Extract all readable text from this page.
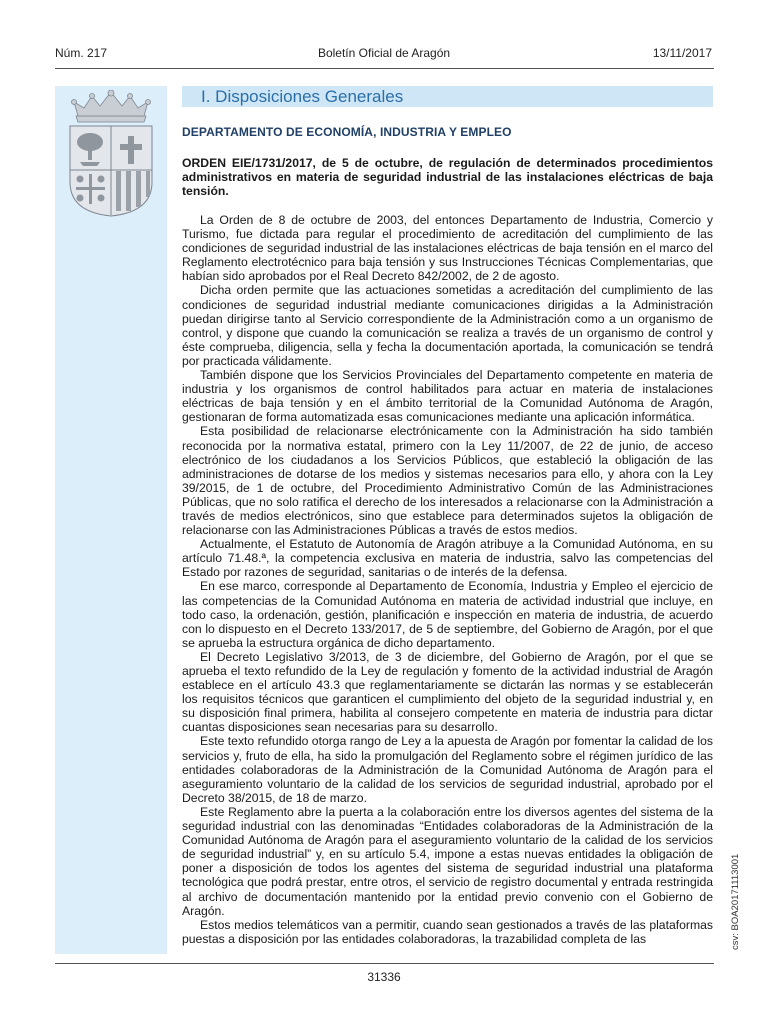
Núm. 217	Boletín Oficial de Aragón	13/11/2017
I. Disposiciones Generales
DEPARTAMENTO DE ECONOMÍA, INDUSTRIA Y EMPLEO
ORDEN EIE/1731/2017, de 5 de octubre, de regulación de determinados procedimientos administrativos en materia de seguridad industrial de las instalaciones eléctricas de baja tensión.

La Orden de 8 de octubre de 2003, del entonces Departamento de Industria, Comercio y Turismo, fue dictada para regular el procedimiento de acreditación del cumplimiento de las condiciones de seguridad industrial de las instalaciones eléctricas de baja tensión en el marco del Reglamento electrotécnico para baja tensión y sus Instrucciones Técnicas Complementarias, que habían sido aprobados por el Real Decreto 842/2002, de 2 de agosto.

Dicha orden permite que las actuaciones sometidas a acreditación del cumplimiento de las condiciones de seguridad industrial mediante comunicaciones dirigidas a la Administración puedan dirigirse tanto al Servicio correspondiente de la Administración como a un organismo de control, y dispone que cuando la comunicación se realiza a través de un organismo de control y éste comprueba, diligencia, sella y fecha la documentación aportada, la comunicación se tendrá por practicada válidamente.

También dispone que los Servicios Provinciales del Departamento competente en materia de industria y los organismos de control habilitados para actuar en materia de instalaciones eléctricas de baja tensión y en el ámbito territorial de la Comunidad Autónoma de Aragón, gestionaran de forma automatizada esas comunicaciones mediante una aplicación informática.

Esta posibilidad de relacionarse electrónicamente con la Administración ha sido también reconocida por la normativa estatal, primero con la Ley 11/2007, de 22 de junio, de acceso electrónico de los ciudadanos a los Servicios Públicos, que estableció la obligación de las administraciones de dotarse de los medios y sistemas necesarios para ello, y ahora con la Ley 39/2015, de 1 de octubre, del Procedimiento Administrativo Común de las Administraciones Públicas, que no solo ratifica el derecho de los interesados a relacionarse con la Administración a través de medios electrónicos, sino que establece para determinados sujetos la obligación de relacionarse con las Administraciones Públicas a través de estos medios.

Actualmente, el Estatuto de Autonomía de Aragón atribuye a la Comunidad Autónoma, en su artículo 71.48.ª, la competencia exclusiva en materia de industria, salvo las competencias del Estado por razones de seguridad, sanitarias o de interés de la defensa.

En ese marco, corresponde al Departamento de Economía, Industria y Empleo el ejercicio de las competencias de la Comunidad Autónoma en materia de actividad industrial que incluye, en todo caso, la ordenación, gestión, planificación e inspección en materia de industria, de acuerdo con lo dispuesto en el Decreto 133/2017, de 5 de septiembre, del Gobierno de Aragón, por el que se aprueba la estructura orgánica de dicho departamento.

El Decreto Legislativo 3/2013, de 3 de diciembre, del Gobierno de Aragón, por el que se aprueba el texto refundido de la Ley de regulación y fomento de la actividad industrial de Aragón establece en el artículo 43.3 que reglamentariamente se dictarán las normas y se establecerán los requisitos técnicos que garanticen el cumplimiento del objeto de la seguridad industrial y, en su disposición final primera, habilita al consejero competente en materia de industria para dictar cuantas disposiciones sean necesarias para su desarrollo.

Este texto refundido otorga rango de Ley a la apuesta de Aragón por fomentar la calidad de los servicios y, fruto de ella, ha sido la promulgación del Reglamento sobre el régimen jurídico de las entidades colaboradoras de la Administración de la Comunidad Autónoma de Aragón para el aseguramiento voluntario de la calidad de los servicios de seguridad industrial, aprobado por el Decreto 38/2015, de 18 de marzo.

Este Reglamento abre la puerta a la colaboración entre los diversos agentes del sistema de la seguridad industrial con las denominadas “Entidades colaboradoras de la Administración de la Comunidad Autónoma de Aragón para el aseguramiento voluntario de la calidad de los servicios de seguridad industrial” y, en su artículo 5.4, impone a estas nuevas entidades la obligación de poner a disposición de todos los agentes del sistema de seguridad industrial una plataforma tecnológica que podrá prestar, entre otros, el servicio de registro documental y entrada restringida al archivo de documentación mantenido por la entidad previo convenio con el Gobierno de Aragón.

Estos medios telemáticos van a permitir, cuando sean gestionados a través de las plataformas puestas a disposición por las entidades colaboradoras, la trazabilidad completa de las	csv: BOA20171113001
31336
